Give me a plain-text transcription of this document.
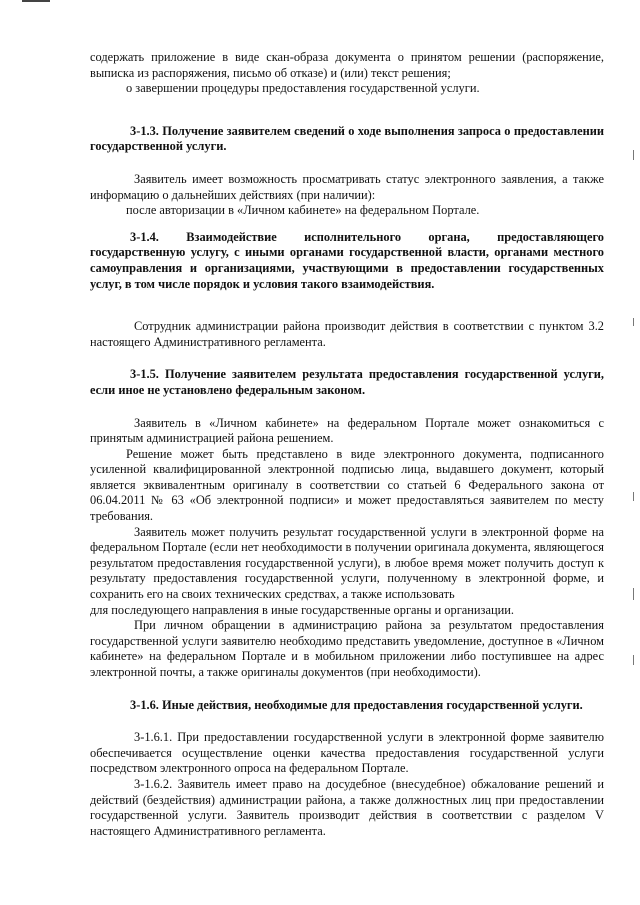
содержать приложение в виде скан-образа документа о принятом решении (распоряжение, выписка из распоряжения, письмо об отказе) и (или) текст решения;

о завершении процедуры предоставления государственной услуги.

3-1.3. Получение заявителем сведений о ходе выполнения запроса о предоставлении государственной услуги.

Заявитель имеет возможность просматривать статус электронного заявления, а также информацию о дальнейших действиях (при наличии):

после авторизации в «Личном кабинете» на федеральном Портале.

3-1.4. Взаимодействие исполнительного органа, предоставляющего государственную услугу, с иными органами государственной власти, органами местного самоуправления и организациями, участвующими в предоставлении государственных услуг, в том числе порядок и условия такого взаимодействия.

Сотрудник администрации района производит действия в соответствии с пунктом 3.2 настоящего Административного регламента.

3-1.5. Получение заявителем результата предоставления государственной услуги, если иное не установлено федеральным законом.

Заявитель в «Личном кабинете» на федеральном Портале может ознакомиться с принятым администрацией района решением.

Решение может быть представлено в виде электронного документа, подписанного усиленной квалифицированной электронной подписью лица, выдавшего документ, который является эквивалентным оригиналу в соответствии со статьей 6 Федерального закона от 06.04.2011 № 63 «Об электронной подписи» и может предоставляться заявителем по месту требования.

Заявитель может получить результат государственной услуги в электронной форме на федеральном Портале (если нет необходимости в получении оригинала документа, являющегося результатом предоставления государственной услуги), в любое время может получить доступ к результату предоставления государственной услуги, полученному в электронной форме, и сохранить его на своих технических средствах, а также использовать

для последующего направления в иные государственные органы и организации.

При личном обращении в администрацию района за результатом предоставления государственной услуги заявителю необходимо представить уведомление, доступное в «Личном кабинете» на федеральном Портале и в мобильном приложении либо поступившее на адрес электронной почты, а также оригиналы документов (при необходимости).

3-1.6. Иные действия, необходимые для предоставления государственной услуги.

3-1.6.1. При предоставлении государственной услуги в электронной форме заявителю обеспечивается осуществление оценки качества предоставления государственной услуги посредством электронного опроса на федеральном Портале.

3-1.6.2. Заявитель имеет право на досудебное (внесудебное) обжалование решений и действий (бездействия) администрации района, а также должностных лиц при предоставлении государственной услуги. Заявитель производит действия в соответствии с разделом V настоящего Административного регламента.
